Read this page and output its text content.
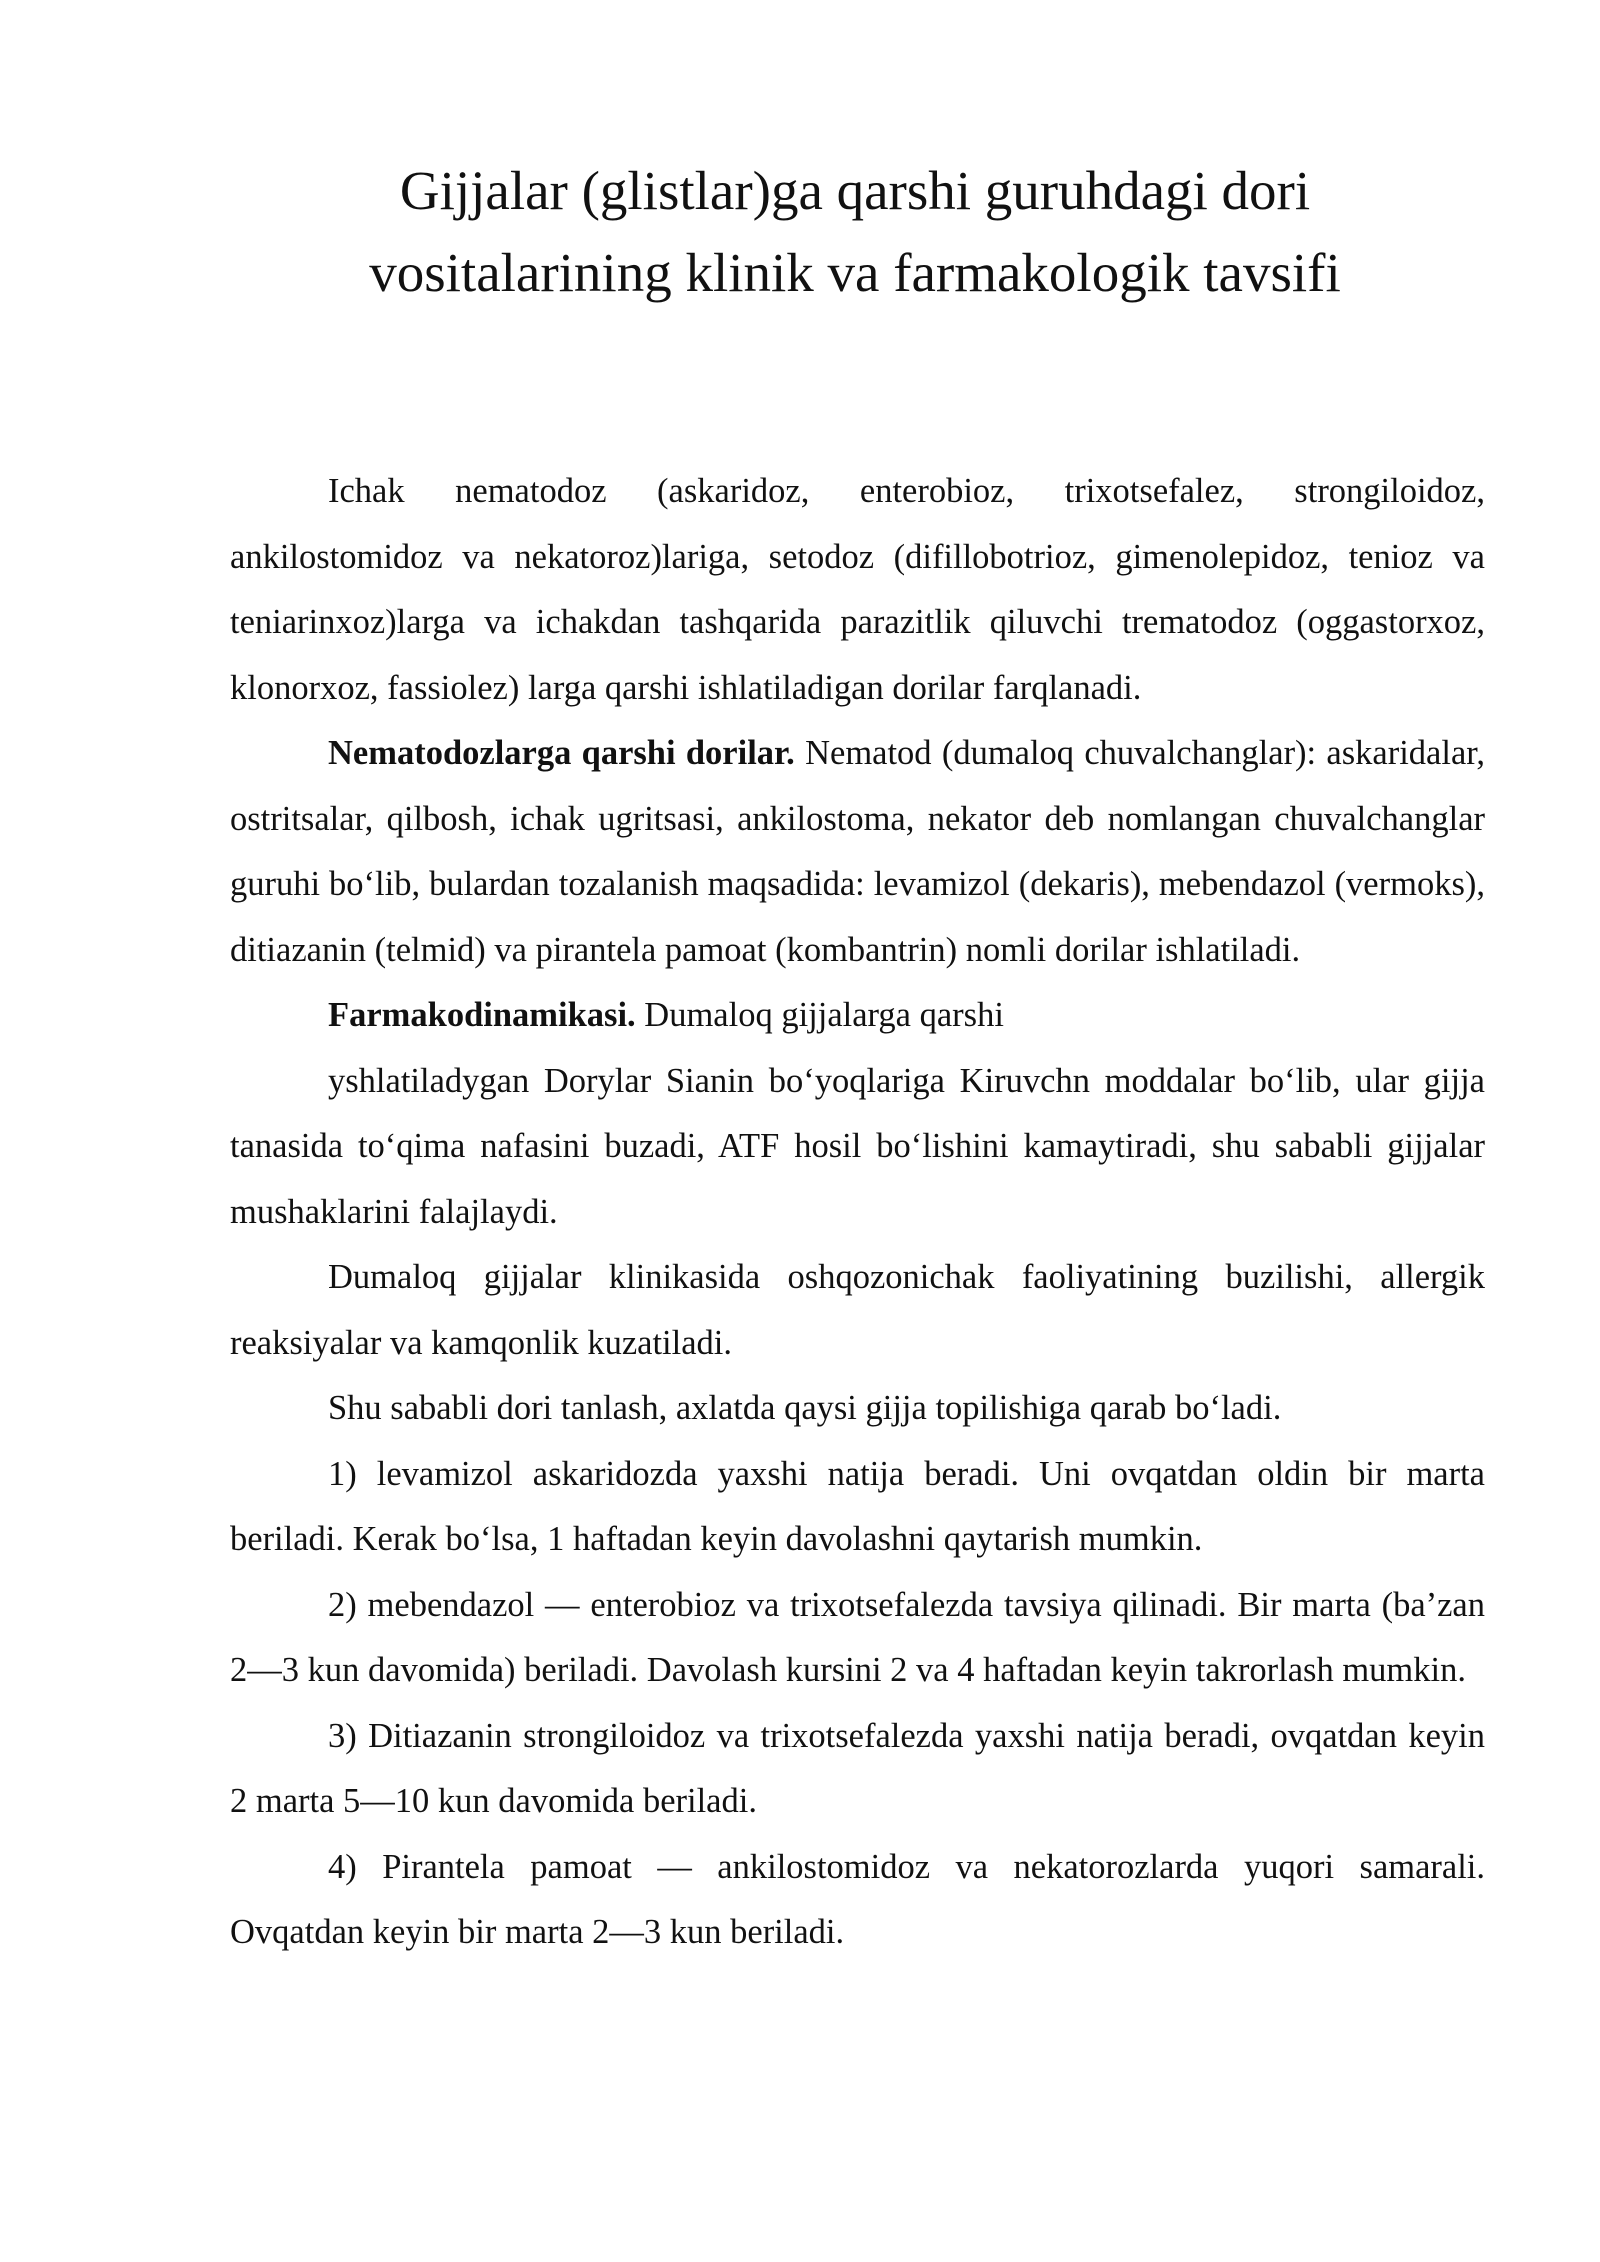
Gijjalar (glistlar)ga qarshi guruhdagi dori
vositalarining klinik va farmakologik tavsifi

Ichak nematodoz (askaridoz, enterobioz, trixotsefalez, strongiloidoz, ankilostomidoz va nekatoroz)lariga, setodoz (difillobotrioz, gimenolepidoz, tenioz va teniarinxoz)larga va ichakdan tashqarida parazitlik qiluvchi trematodoz (oggastorxoz, klonorxoz, fassiolez) larga qarshi ishlatiladigan dorilar farqlanadi.

Nematodozlarga qarshi dorilar. Nematod (dumaloq chuvalchanglar): askaridalar, ostritsalar, qilbosh, ichak ugritsasi, ankilostoma, nekator deb nomlangan chuvalchanglar guruhi bo‘lib, bulardan tozalanish maqsadida: levamizol (dekaris), mebendazol (vermoks), ditiazanin (telmid) va pirantela pamoat (kombantrin) nomli dorilar ishlatiladi.

Farmakodinamikasi. Dumaloq gijjalarga qarshi

yshlatiladygan Dorylar Sianin bo‘yoqlariga Kiruvchn moddalar bo‘lib, ular gijja tanasida to‘qima nafasini buzadi, ATF hosil bo‘lishini kamaytiradi, shu sababli gijjalar mushaklarini falajlaydi.

Dumaloq gijjalar klinikasida oshqozonichak faoliyatining buzilishi, allergik reaksiyalar va kamqonlik kuzatiladi.

Shu sababli dori tanlash, axlatda qaysi gijja topilishiga qarab bo‘ladi.

1) levamizol askaridozda yaxshi natija beradi. Uni ovqatdan oldin bir marta beriladi. Kerak bo‘lsa, 1 haftadan keyin davolashni qaytarish mumkin.

2) mebendazol — enterobioz va trixotsefalezda tavsiya qilinadi. Bir marta (ba’zan 2—3 kun davomida) beriladi. Davolash kursini 2 va 4 haftadan keyin takrorlash mumkin.

3) Ditiazanin strongiloidoz va trixotsefalezda yaxshi natija beradi, ovqatdan keyin 2 marta 5—10 kun davomida beriladi.

4) Pirantela pamoat — ankilostomidoz va nekatorozlarda yuqori samarali. Ovqatdan keyin bir marta 2—3 kun beriladi.
